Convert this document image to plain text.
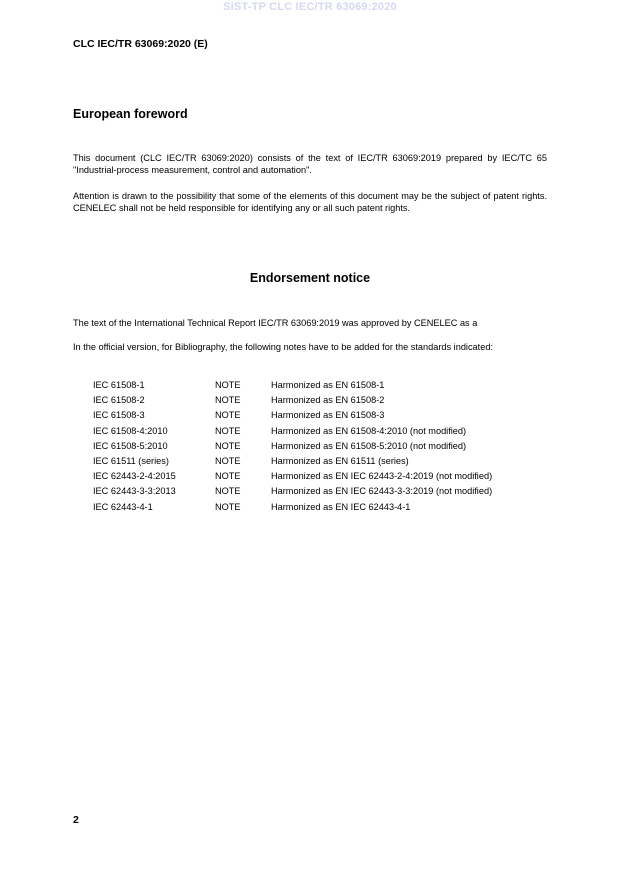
SIST-TP CLC IEC/TR 63069:2020
CLC IEC/TR 63069:2020 (E)
European foreword
This document (CLC IEC/TR 63069:2020) consists of the text of IEC/TR 63069:2019 prepared by IEC/TC 65 "Industrial-process measurement, control and automation".
Attention is drawn to the possibility that some of the elements of this document may be the subject of patent rights. CENELEC shall not be held responsible for identifying any or all such patent rights.
Endorsement notice
The text of the International Technical Report IEC/TR 63069:2019 was approved by CENELEC as a
In the official version, for Bibliography, the following notes have to be added for the standards indicated:
IEC 61508-1	NOTE	Harmonized as EN 61508-1
IEC 61508-2	NOTE	Harmonized as EN 61508-2
IEC 61508-3	NOTE	Harmonized as EN 61508-3
IEC 61508-4:2010	NOTE	Harmonized as EN 61508-4:2010 (not modified)
IEC 61508-5:2010	NOTE	Harmonized as EN 61508-5:2010 (not modified)
IEC 61511 (series)	NOTE	Harmonized as EN 61511 (series)
IEC 62443-2-4:2015	NOTE	Harmonized as EN IEC 62443-2-4:2019 (not modified)
IEC 62443-3-3:2013	NOTE	Harmonized as EN IEC 62443-3-3:2019 (not modified)
IEC 62443-4-1	NOTE	Harmonized as EN IEC 62443-4-1
2
